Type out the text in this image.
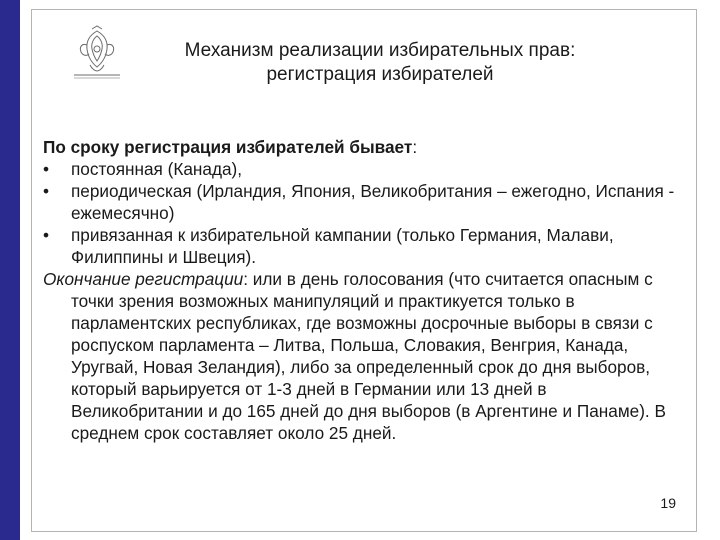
Механизм реализации избирательных прав: регистрация избирателей

По сроку регистрация избирателей бывает:

•	постоянная (Канада),
•	периодическая (Ирландия, Япония, Великобритания – ежегодно, Испания - ежемесячно)
•	привязанная к избирательной кампании (только Германия, Малави, Филиппины и Швеция).

Окончание регистрации: или в день голосования (что считается опасным с точки зрения возможных манипуляций и практикуется только в парламентских республиках, где возможны досрочные выборы в связи с роспуском парламента – Литва, Польша, Словакия, Венгрия, Канада, Уругвай, Новая Зеландия), либо за определенный срок до дня выборов, который варьируется от 1-3 дней в Германии или 13 дней в Великобритании и до 165 дней до дня выборов (в Аргентине и Панаме). В среднем срок составляет около 25 дней.

19
